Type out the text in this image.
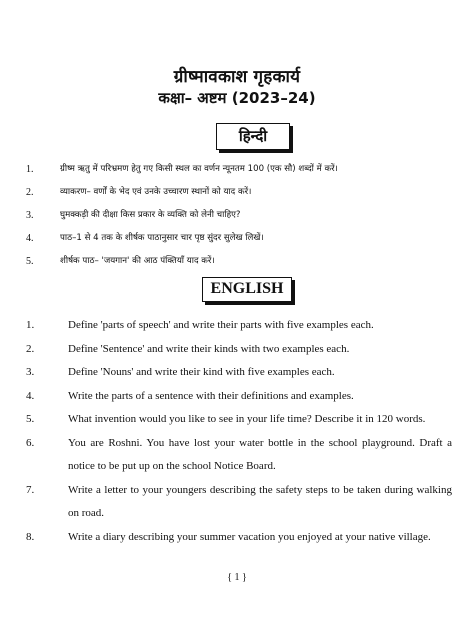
ग्रीष्मावकाश गृहकार्य
कक्षा– अष्टम (2023–24)
हिन्दी
1.	ग्रीष्म ऋतु में परिभ्रमण हेतु गए किसी स्थल का वर्णन न्यूनतम 100 (एक सौ) शब्दों में करें।
2.	व्याकरण– वर्णों के भेद एवं उनके उच्चारण स्थानों को याद करें।
3.	घुमक्कड़ी की दीक्षा किस प्रकार के व्यक्ति को लेनी चाहिए?
4.	पाठ–1 से 4 तक के शीर्षक पाठानुसार चार पृष्ठ सुंदर सुलेख लिखें।
5.	शीर्षक पाठ– 'जयगान' की आठ पंक्तियाँ याद करें।
ENGLISH
1.	Define 'parts of speech' and write their parts with five examples each.
2.	Define 'Sentence' and write their kinds with two examples each.
3.	Define 'Nouns' and write their kind with five examples each.
4.	Write the parts of a sentence with their definitions and examples.
5.	What invention would you like to see in your life time? Describe it in 120 words.
6.	You are Roshni. You have lost your water bottle in the school playground. Draft a notice to be put up on the school Notice Board.
7.	Write a letter to your youngers describing the safety steps to be taken during walking on road.
8.	Write a diary describing your summer vacation you enjoyed at your native village.
{ 1 }
